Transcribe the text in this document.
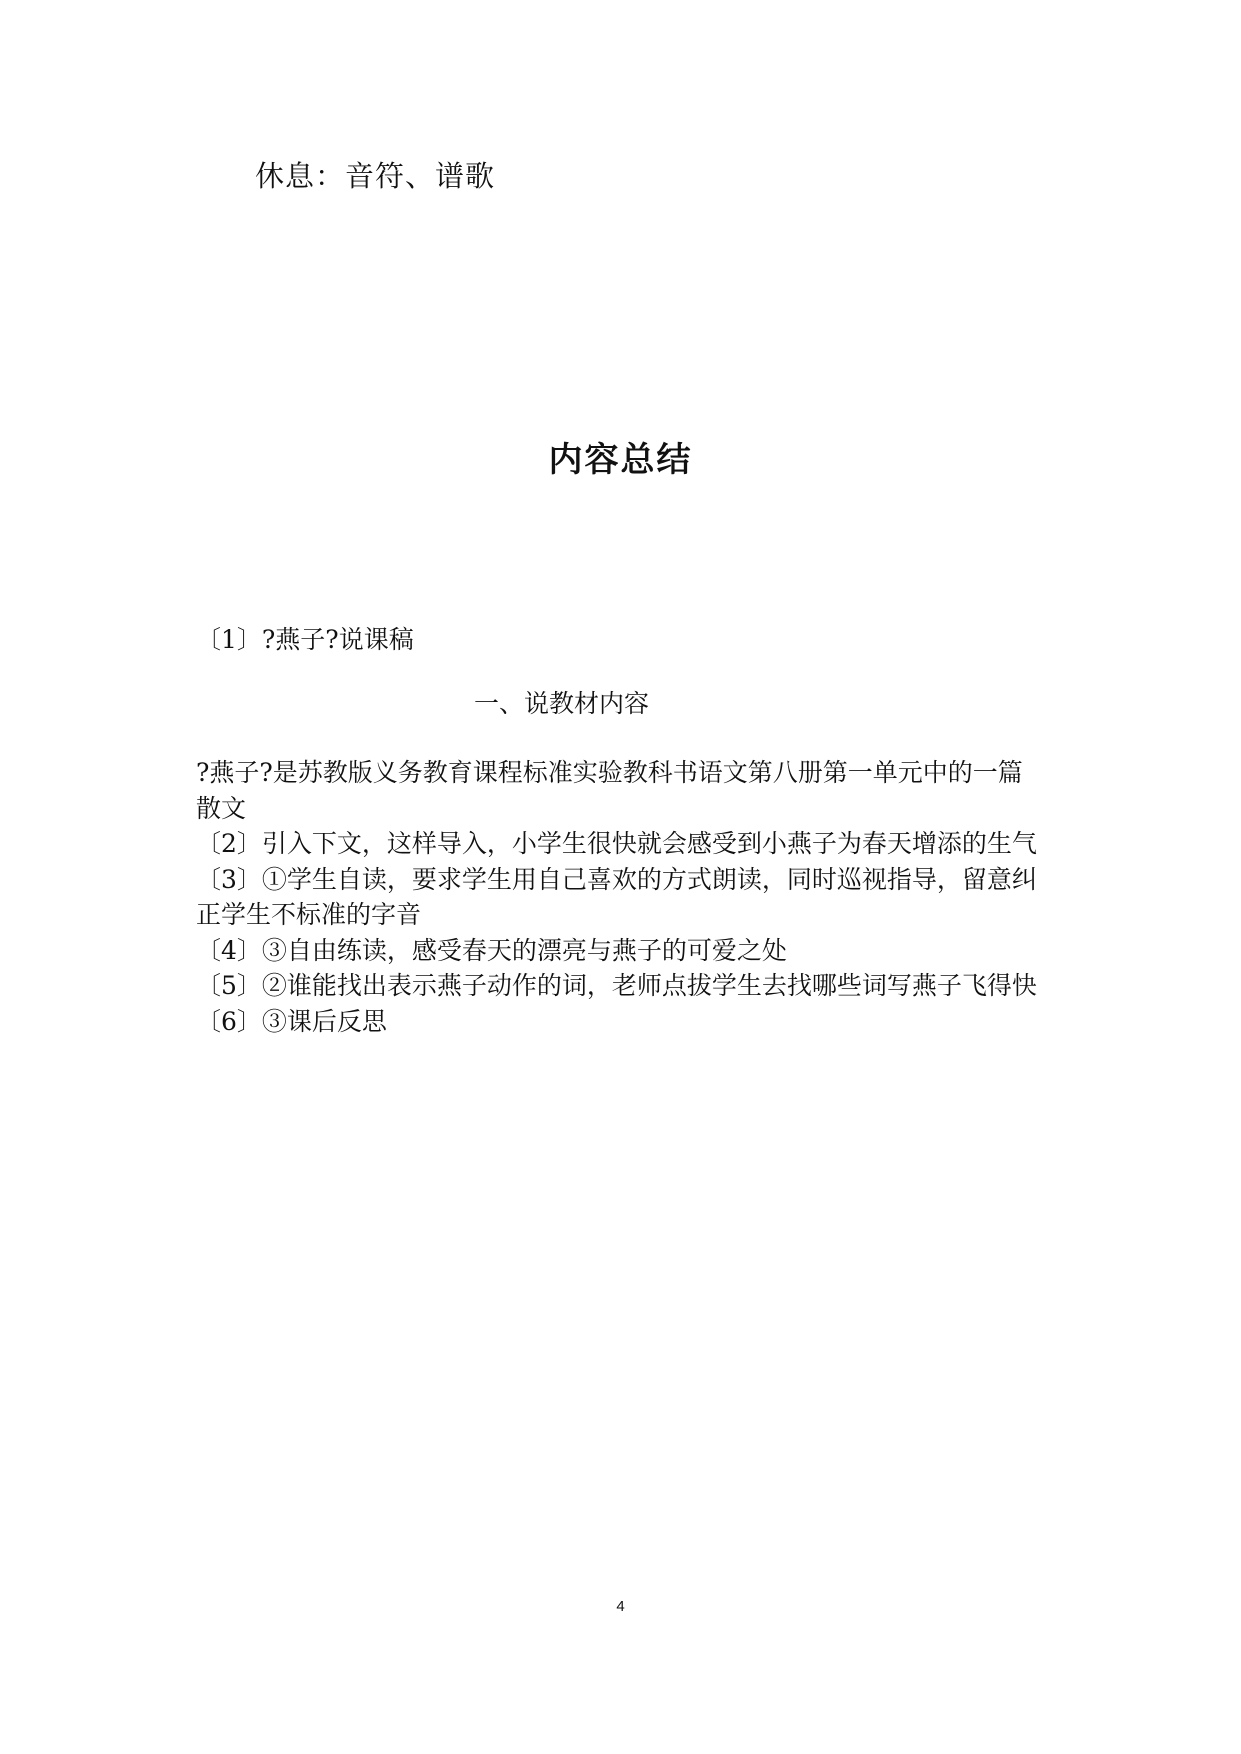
休息：音符、谱歌
内容总结
〔1〕?燕子?说课稿
一、说教材内容

?燕子?是苏教版义务教育课程标准实验教科书语文第八册第一单元中的一篇散文

〔2〕引入下文，这样导入，小学生很快就会感受到小燕子为春天增添的生气

〔3〕①学生自读，要求学生用自己喜欢的方式朗读，同时巡视指导，留意纠正学生不标准的字音

〔4〕③自由练读，感受春天的漂亮与燕子的可爱之处

〔5〕②谁能找出表示燕子动作的词，老师点拔学生去找哪些词写燕子飞得快

〔6〕③课后反思

4
